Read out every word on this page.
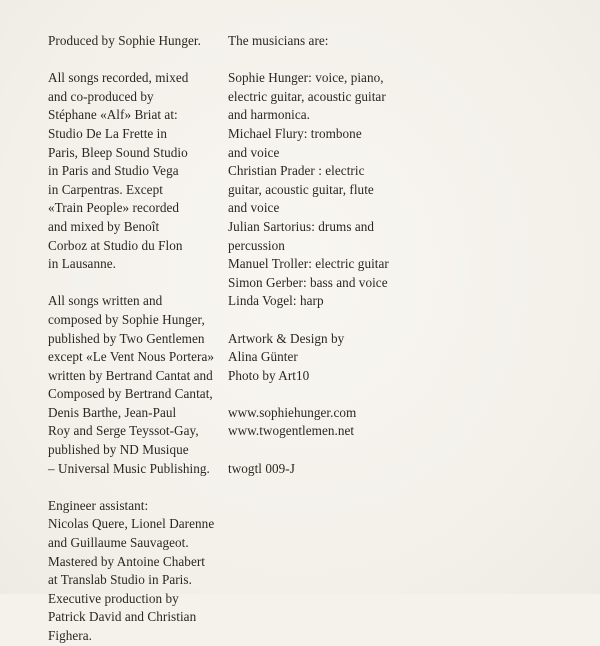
Produced by Sophie Hunger.
All songs recorded, mixed
and co-produced by
Stéphane «Alf» Briat at:
Studio De La Frette in
Paris, Bleep Sound Studio
in Paris and Studio Vega
in Carpentras. Except
«Train People» recorded
and mixed by Benoît
Corboz at Studio du Flon
in Lausanne.
All songs written and
composed by Sophie Hunger,
published by Two Gentlemen
except «Le Vent Nous Portera»
written by Bertrand Cantat and
Composed by Bertrand Cantat,
Denis Barthe, Jean-Paul
Roy and Serge Teyssot-Gay,
published by ND Musique
– Universal Music Publishing.
Engineer assistant:
Nicolas Quere, Lionel Darenne
and Guillaume Sauvageot.
Mastered by Antoine Chabert
at Translab Studio in Paris.
Executive production by
Patrick David and Christian
Fighera.
The musicians are:
Sophie Hunger: voice, piano,
electric guitar, acoustic guitar
and harmonica.
Michael Flury: trombone
and voice
Christian Prader : electric
guitar, acoustic guitar, flute
and voice
Julian Sartorius: drums and
percussion
Manuel Troller: electric guitar
Simon Gerber: bass and voice
Linda Vogel: harp
Artwork & Design by
Alina Günter
Photo by Art10
www.sophiehunger.com
www.twogentlemen.net
twogtl 009-J
